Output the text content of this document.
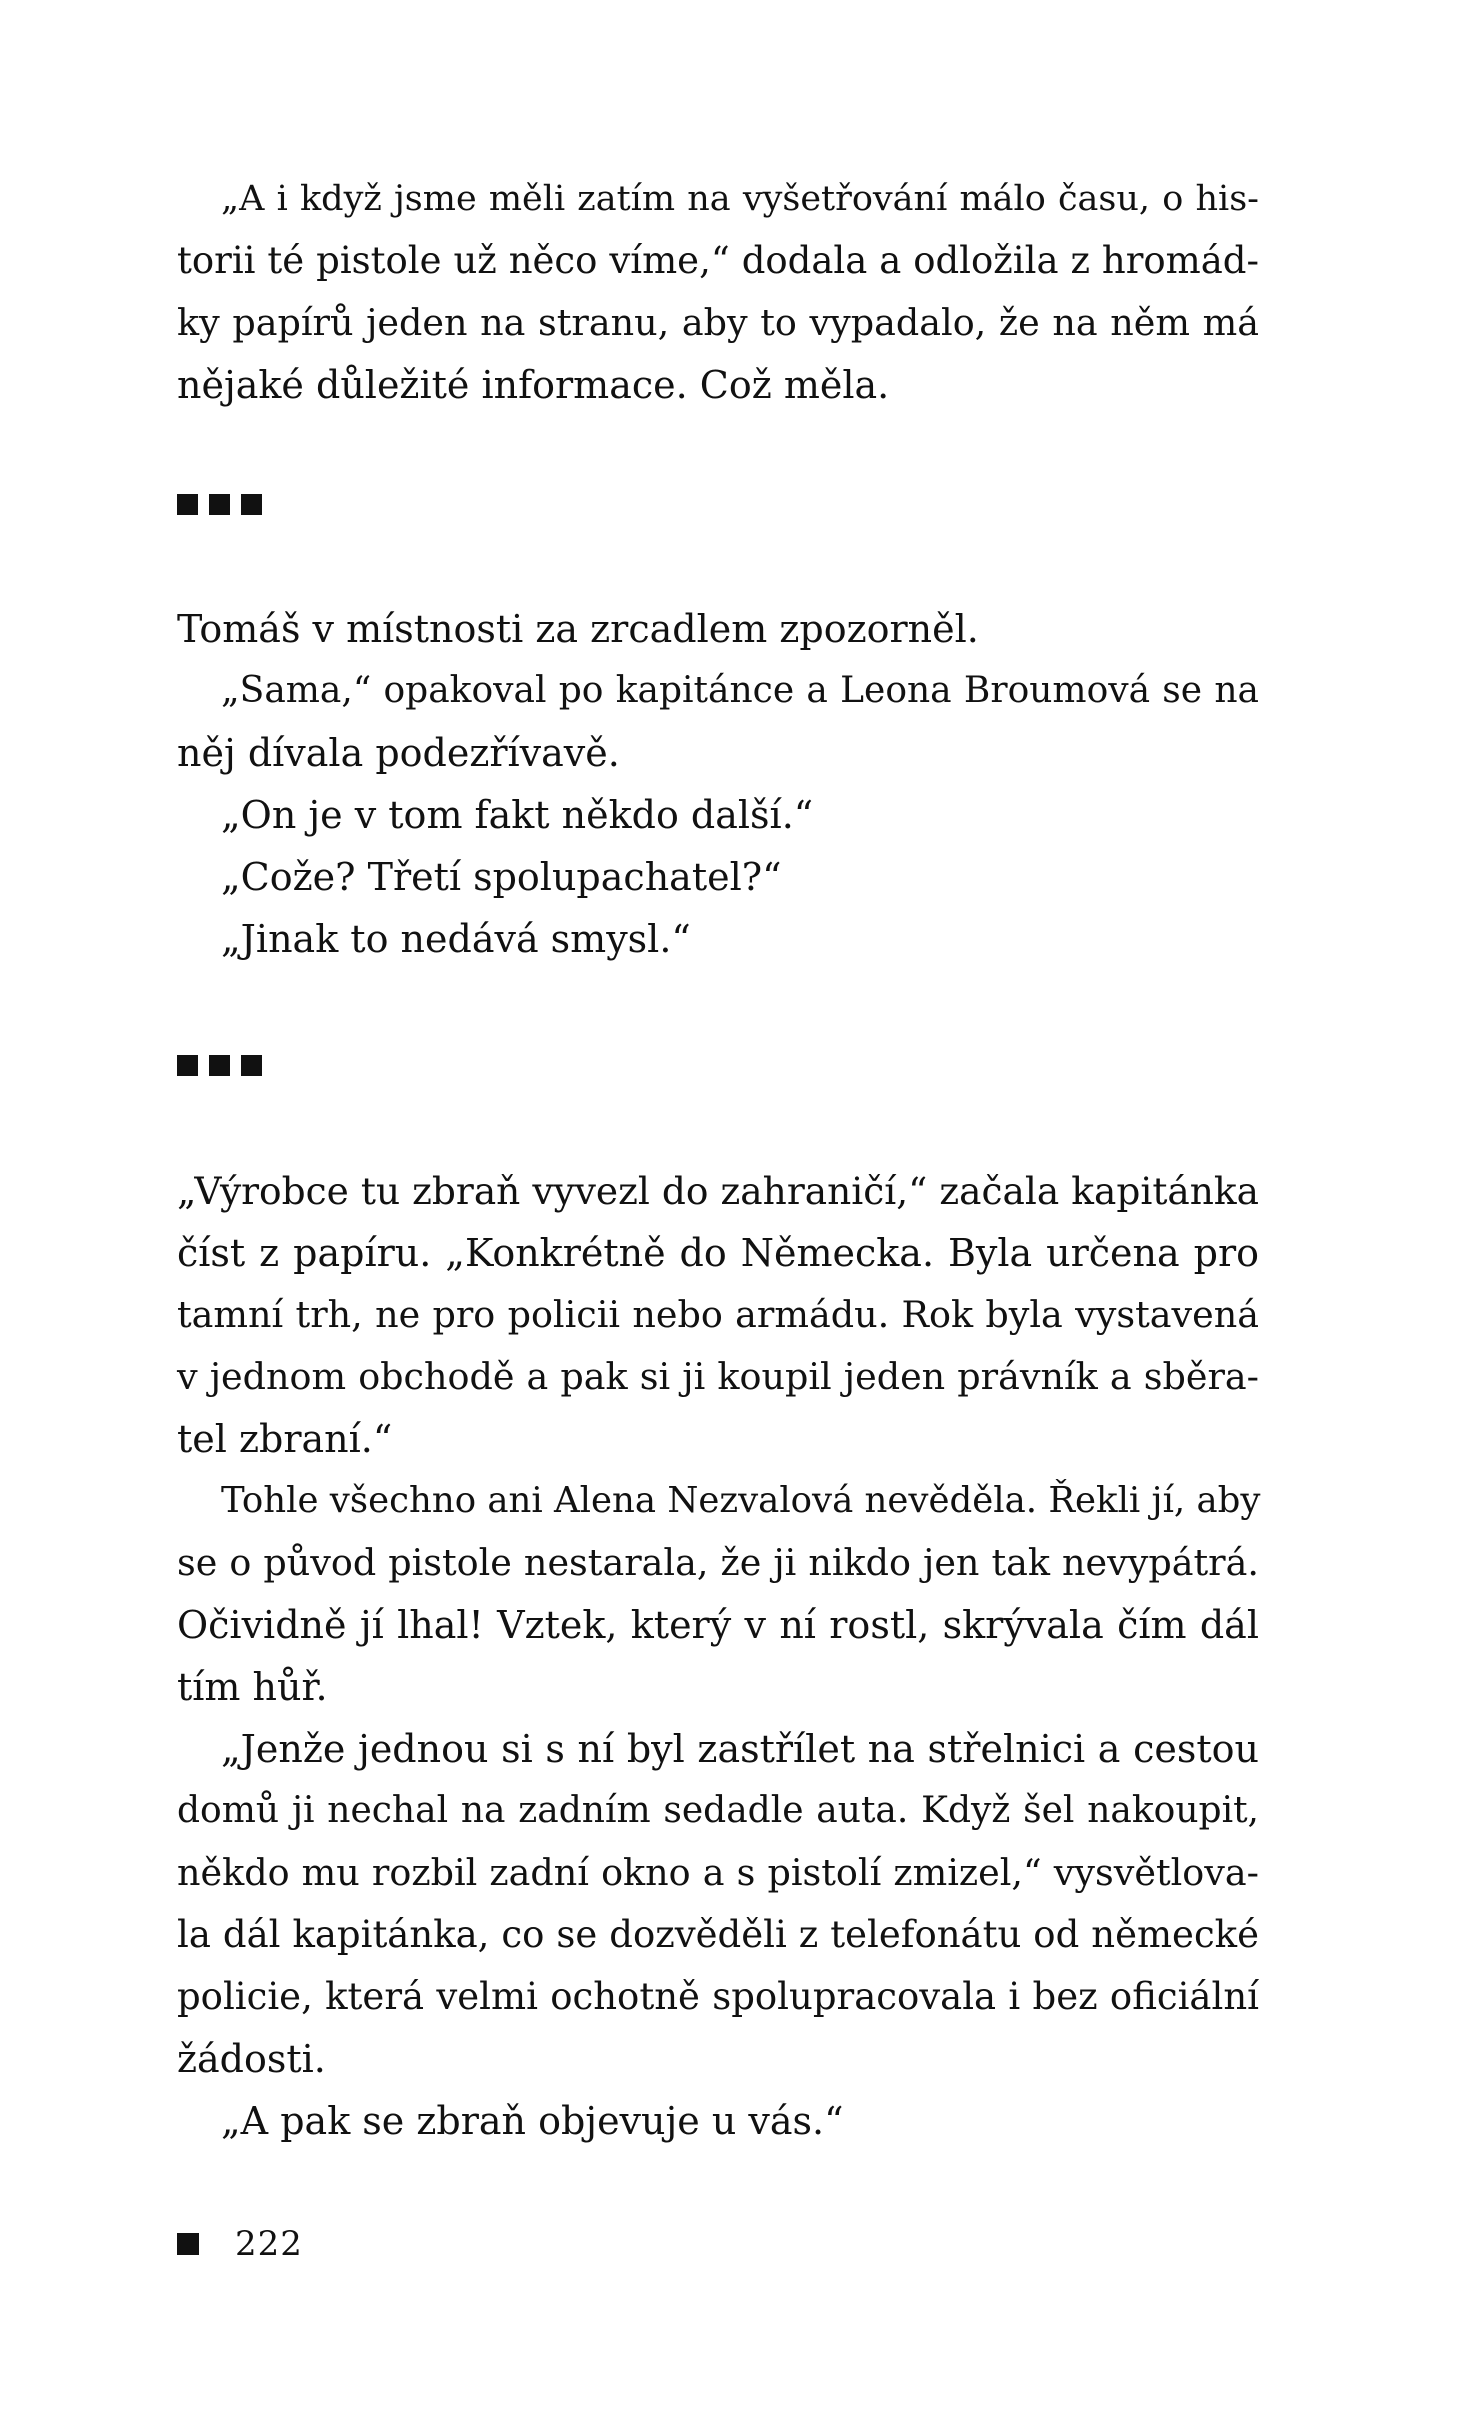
„A i když jsme měli zatím na vyšetřování málo času, o his-
torii té pistole už něco víme,“ dodala a odložila z hromád-
ky papírů jeden na stranu, aby to vypadalo, že na něm má
nějaké důležité informace. Což měla.
Tomáš v místnosti za zrcadlem zpozorněl.
„Sama,“ opakoval po kapitánce a Leona Broumová se na
něj dívala podezřívavě.
„On je v tom fakt někdo další.“
„Cože? Třetí spolupachatel?“
„Jinak to nedává smysl.“
„Výrobce tu zbraň vyvezl do zahraničí,“ začala kapitánka
číst z papíru. „Konkrétně do Německa. Byla určena pro
tamní trh, ne pro policii nebo armádu. Rok byla vystavená
v jednom obchodě a pak si ji koupil jeden právník a sběra-
tel zbraní.“
Tohle všechno ani Alena Nezvalová nevěděla. Řekli jí, aby
se o původ pistole nestarala, že ji nikdo jen tak nevypátrá.
Očividně jí lhal! Vztek, který v ní rostl, skrývala čím dál
tím hůř.
„Jenže jednou si s ní byl zastřílet na střelnici a cestou
domů ji nechal na zadním sedadle auta. Když šel nakoupit,
někdo mu rozbil zadní okno a s pistolí zmizel,“ vysvětlova-
la dál kapitánka, co se dozvěděli z telefonátu od německé
policie, která velmi ochotně spolupracovala i bez oficiální
žádosti.
„A pak se zbraň objevuje u vás.“
222
